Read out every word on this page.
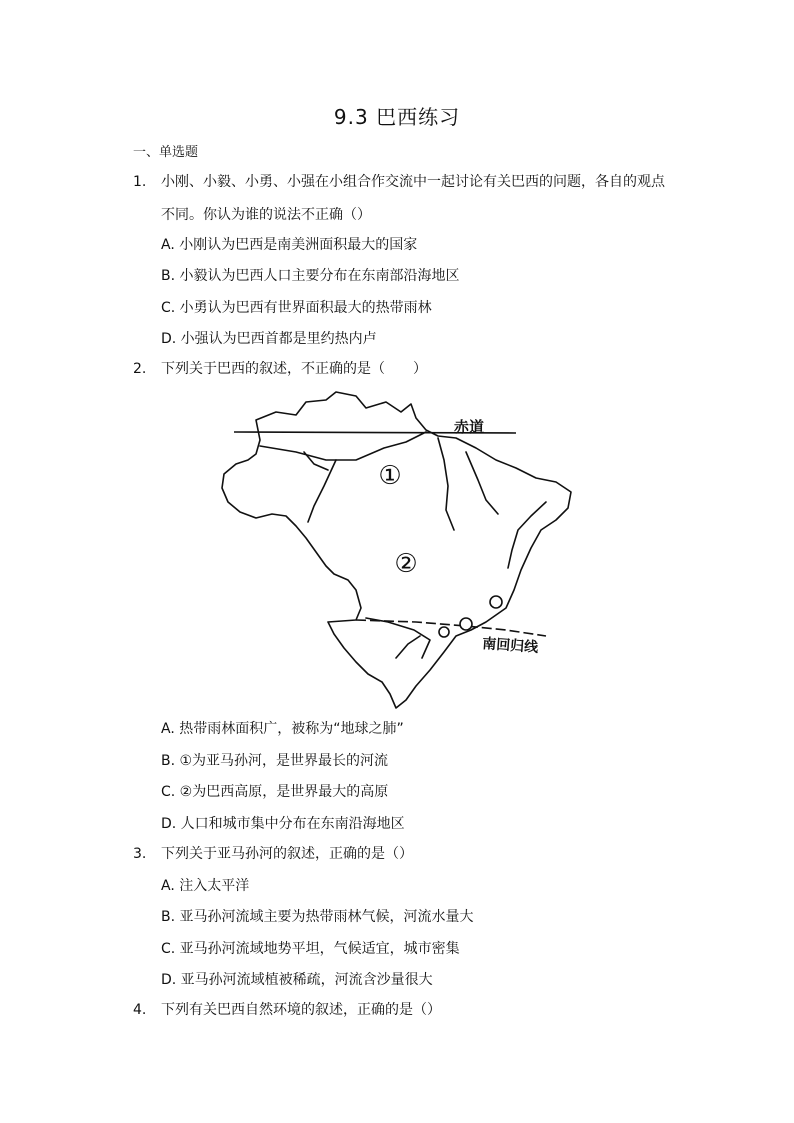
9.3 巴西练习
一、单选题
1.	小刚、小毅、小勇、小强在小组合作交流中一起讨论有关巴西的问题，各自的观点
不同。你认为谁的说法不正确（）
A. 小刚认为巴西是南美洲面积最大的国家
B. 小毅认为巴西人口主要分布在东南部沿海地区
C. 小勇认为巴西有世界面积最大的热带雨林
D. 小强认为巴西首都是里约热内卢
2.	下列关于巴西的叙述，不正确的是（　　）
赤道
南回归线
①
②
A. 热带雨林面积广，被称为“地球之肺”
B. ①为亚马孙河，是世界最长的河流
C. ②为巴西高原，是世界最大的高原
D. 人口和城市集中分布在东南沿海地区
3.	下列关于亚马孙河的叙述，正确的是（）
A. 注入太平洋
B. 亚马孙河流域主要为热带雨林气候，河流水量大
C. 亚马孙河流域地势平坦，气候适宜，城市密集
D. 亚马孙河流域植被稀疏，河流含沙量很大
4.	下列有关巴西自然环境的叙述，正确的是（）
